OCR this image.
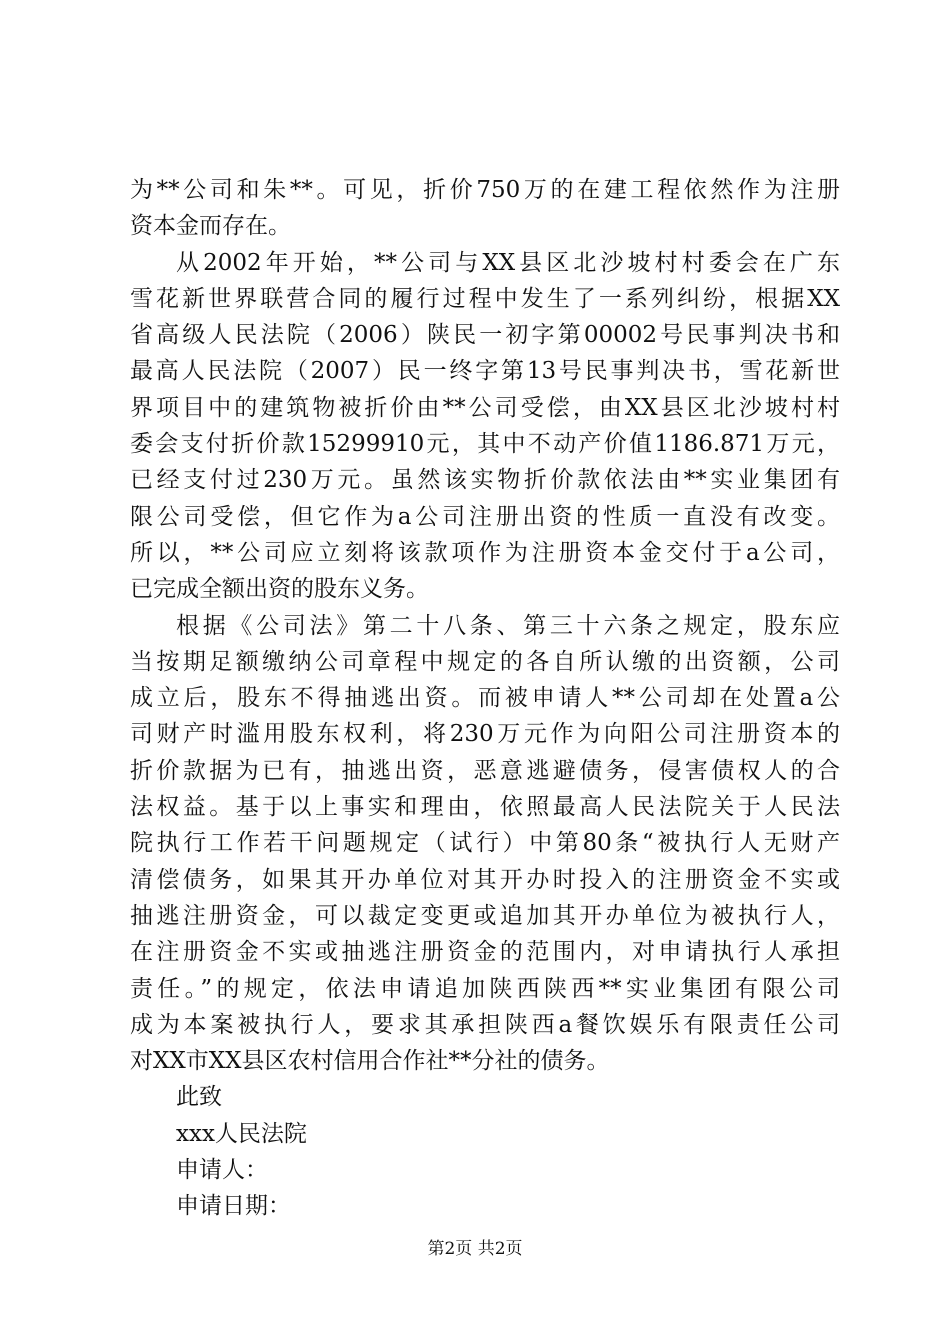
为**公司和朱**。可见，折价750万的在建工程依然作为注册
资本金而存在。
从2002年开始，**公司与XX县区北沙坡村村委会在广东
雪花新世界联营合同的履行过程中发生了一系列纠纷，根据XX
省高级人民法院（2006）陕民一初字第00002号民事判决书和
最高人民法院（2007）民一终字第13号民事判决书，雪花新世
界项目中的建筑物被折价由**公司受偿，由XX县区北沙坡村村
委会支付折价款15299910元，其中不动产价值1186.871万元，
已经支付过230万元。虽然该实物折价款依法由**实业集团有
限公司受偿，但它作为a公司注册出资的性质一直没有改变。
所以，**公司应立刻将该款项作为注册资本金交付于a公司，
已完成全额出资的股东义务。
根据《公司法》第二十八条、第三十六条之规定，股东应
当按期足额缴纳公司章程中规定的各自所认缴的出资额，公司
成立后，股东不得抽逃出资。而被申请人**公司却在处置a公
司财产时滥用股东权利，将230万元作为向阳公司注册资本的
折价款据为已有，抽逃出资，恶意逃避债务，侵害债权人的合
法权益。基于以上事实和理由，依照最高人民法院关于人民法
院执行工作若干问题规定（试行）中第80条“被执行人无财产
清偿债务，如果其开办单位对其开办时投入的注册资金不实或
抽逃注册资金，可以裁定变更或追加其开办单位为被执行人，
在注册资金不实或抽逃注册资金的范围内，对申请执行人承担
责任。”的规定，依法申请追加陕西陕西**实业集团有限公司
成为本案被执行人，要求其承担陕西a餐饮娱乐有限责任公司
对XX市XX县区农村信用合作社**分社的债务。
此致
xxx人民法院
申请人：
申请日期：
第2页 共2页
